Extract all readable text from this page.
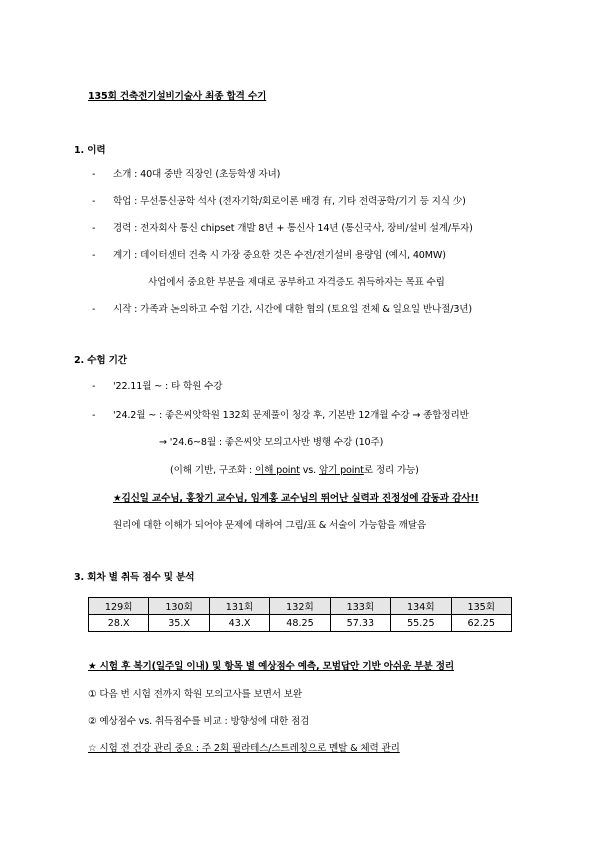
135회 건축전기설비기술사 최종 합격 수기
1. 이력
- 소개 : 40대 중반 직장인 (초등학생 자녀)
- 학업 : 무선통신공학 석사 (전자기학/회로이론 배경 有, 기타 전력공학/기기 등 지식 少)
- 경력 : 전자회사 통신 chipset 개발 8년 + 통신사 14년 (통신국사, 장비/설비 설계/투자)
- 계기 : 데이터센터 건축 시 가장 중요한 것은 수전/전기설비 용량임 (예시, 40MW)
사업에서 중요한 부분을 제대로 공부하고 자격증도 취득하자는 목표 수립
- 시작 : 가족과 논의하고 수험 기간, 시간에 대한 협의 (토요일 전체 & 일요일 반나절/3년)
2. 수험 기간
- '22.11월 ~ : 타 학원 수강
- '24.2월 ~ : 좋은씨앗학원 132회 문제풀이 청강 후, 기본반 12개월 수강 → 종합정리반
→ '24.6~8월 : 좋은씨앗 모의고사반 병행 수강 (10주)
(이해 기반, 구조화 : 이해 point vs. 암기 point로 정리 가능)
★김신일 교수님, 홍창기 교수님, 임계홍 교수님의 뛰어난 실력과 진정성에 감동과 감사!!
원리에 대한 이해가 되어야 문제에 대하여 그림/표 & 서술이 가능함을 깨달음
3. 회차 별 취득 점수 및 분석
129회	130회	131회	132회	133회	134회	135회
28.X	35.X	43.X	48.25	57.33	55.25	62.25
★ 시험 후 복기(일주일 이내) 및 항목 별 예상점수 예측, 모범답안 기반 아쉬운 부분 정리
① 다음 번 시험 전까지 학원 모의고사를 보면서 보완
② 예상점수 vs. 취득점수를 비교 : 방향성에 대한 점검
☆ 시험 전 건강 관리 중요 : 주 2회 필라테스/스트레칭으로 멘탈 & 체력 관리
